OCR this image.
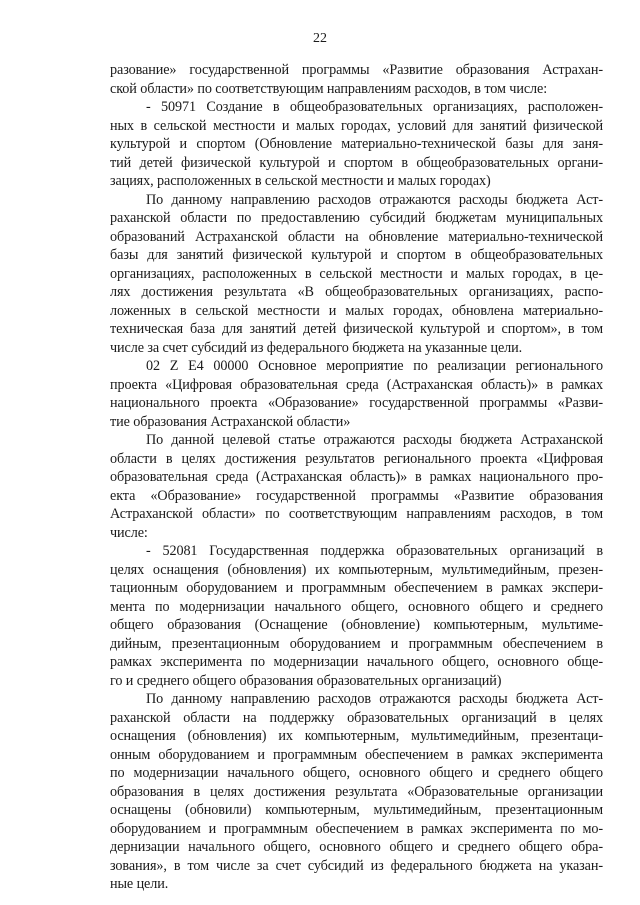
22
разование» государственной программы «Развитие образования Астрахан-
ской области» по соответствующим направлениям расходов, в том числе:
- 50971 Создание в общеобразовательных организациях, расположен-
ных в сельской местности и малых городах, условий для занятий физической
культурой и спортом (Обновление материально-технической базы для заня-
тий детей физической культурой и спортом в общеобразовательных органи-
зациях, расположенных в сельской местности и малых городах)
По данному направлению расходов отражаются расходы бюджета Аст-
раханской области по предоставлению субсидий бюджетам муниципальных
образований Астраханской области на обновление материально-технической
базы для занятий физической культурой и спортом в общеобразовательных
организациях, расположенных в сельской местности и малых городах, в це-
лях достижения результата «В общеобразовательных организациях, распо-
ложенных в сельской местности и малых городах, обновлена материально-
техническая база для занятий детей физической культурой и спортом», в том
числе за счет субсидий из федерального бюджета на указанные цели.
02 Z E4 00000 Основное мероприятие по реализации регионального
проекта «Цифровая образовательная среда (Астраханская область)» в рамках
национального проекта «Образование» государственной программы «Разви-
тие образования Астраханской области»
По данной целевой статье отражаются расходы бюджета Астраханской
области в целях достижения результатов регионального проекта «Цифровая
образовательная среда (Астраханская область)» в рамках национального про-
екта «Образование» государственной программы «Развитие образования
Астраханской области» по соответствующим направлениям расходов, в том
числе:
- 52081 Государственная поддержка образовательных организаций в
целях оснащения (обновления) их компьютерным, мультимедийным, презен-
тационным оборудованием и программным обеспечением в рамках экспери-
мента по модернизации начального общего, основного общего и среднего
общего образования (Оснащение (обновление) компьютерным, мультиме-
дийным, презентационным оборудованием и программным обеспечением в
рамках эксперимента по модернизации начального общего, основного обще-
го и среднего общего образования образовательных организаций)
По данному направлению расходов отражаются расходы бюджета Аст-
раханской области на поддержку образовательных организаций в целях
оснащения (обновления) их компьютерным, мультимедийным, презентаци-
онным оборудованием и программным обеспечением в рамках эксперимента
по модернизации начального общего, основного общего и среднего общего
образования в целях достижения результата «Образовательные организации
оснащены (обновили) компьютерным, мультимедийным, презентационным
оборудованием и программным обеспечением в рамках эксперимента по мо-
дернизации начального общего, основного общего и среднего общего обра-
зования», в том числе за счет субсидий из федерального бюджета на указан-
ные цели.
